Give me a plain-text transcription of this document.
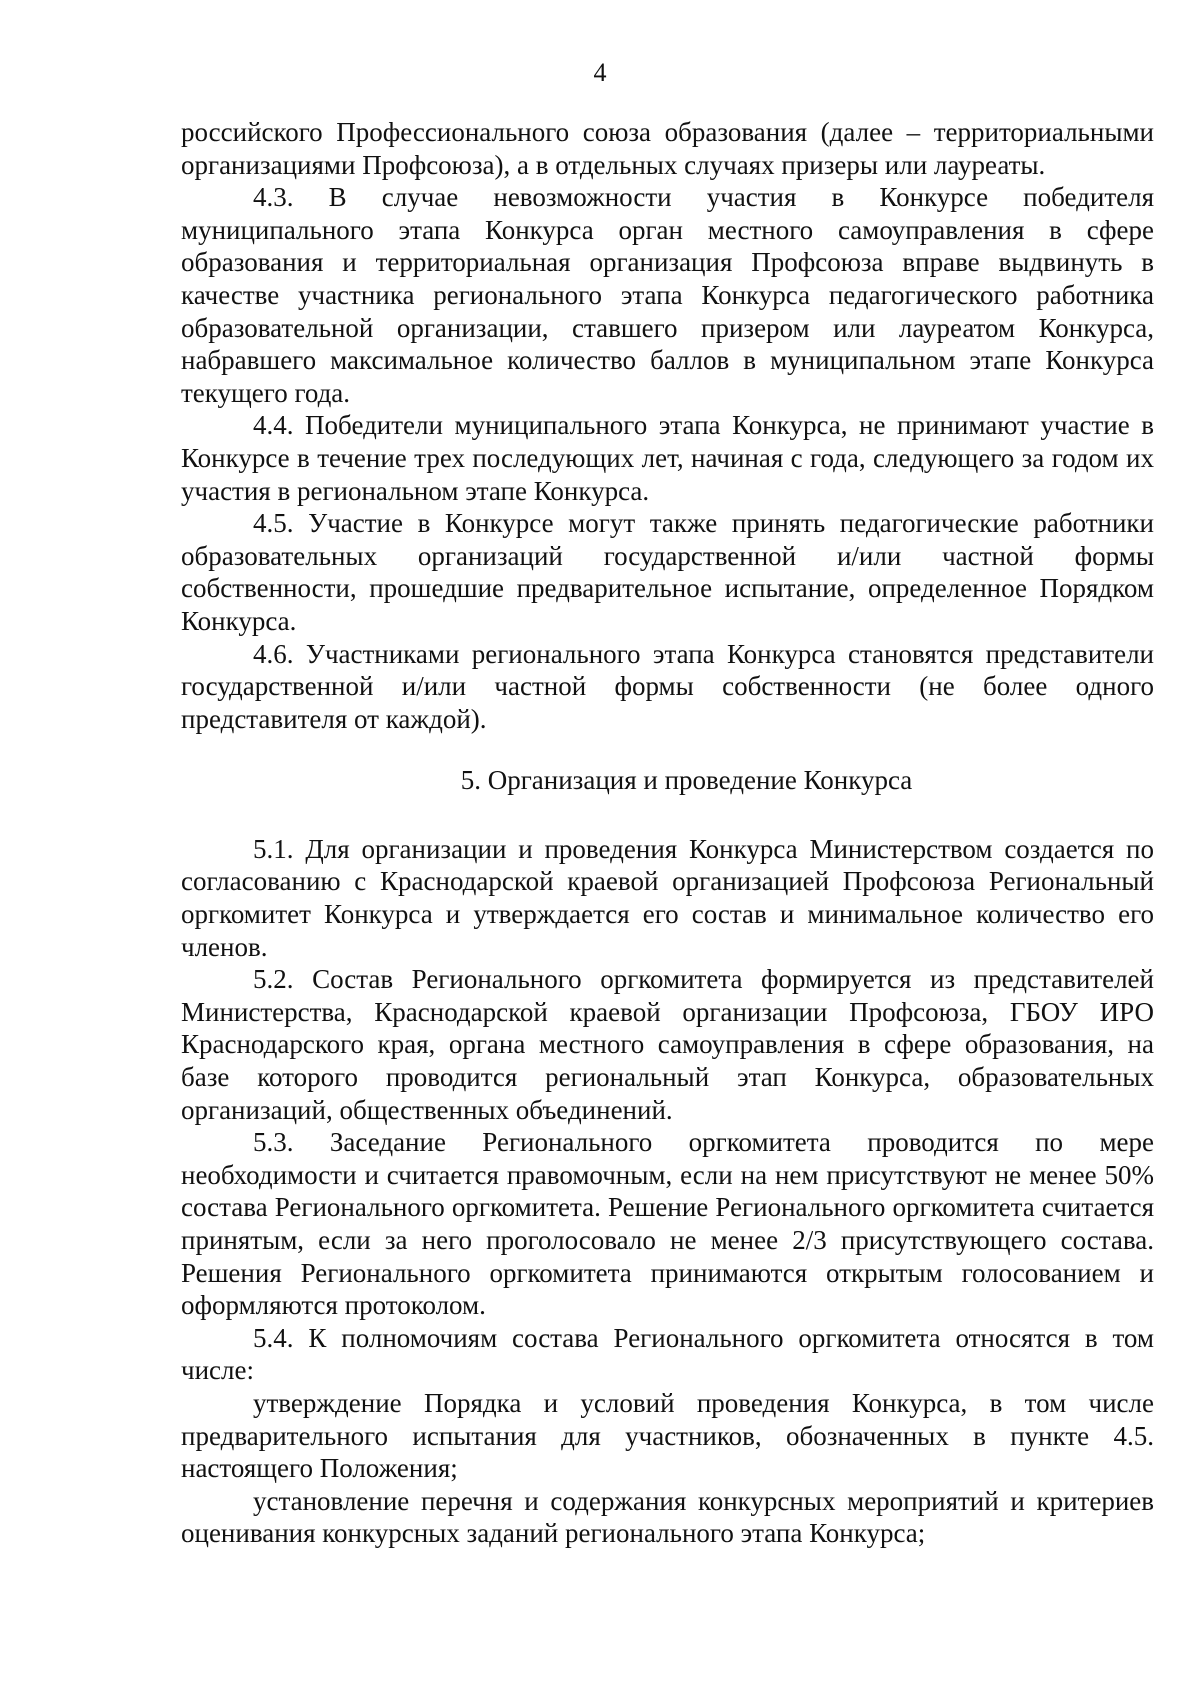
4

российского Профессионального союза образования (далее – территориальными организациями Профсоюза), а в отдельных случаях призеры или лауреаты.

4.3. В случае невозможности участия в Конкурсе победителя муниципального этапа Конкурса орган местного самоуправления в сфере образования и территориальная организация Профсоюза вправе выдвинуть в качестве участника регионального этапа Конкурса педагогического работника образовательной организации, ставшего призером или лауреатом Конкурса, набравшего максимальное количество баллов в муниципальном этапе Конкурса текущего года.

4.4. Победители муниципального этапа Конкурса, не принимают участие в Конкурсе в течение трех последующих лет, начиная с года, следующего за годом их участия в региональном этапе Конкурса.

4.5. Участие в Конкурсе могут также принять педагогические работники образовательных организаций государственной и/или частной формы собственности, прошедшие предварительное испытание, определенное Порядком Конкурса.

4.6. Участниками регионального этапа Конкурса становятся представители государственной и/или частной формы собственности (не более одного представителя от каждой).

5. Организация и проведение Конкурса

5.1. Для организации и проведения Конкурса Министерством создается по согласованию с Краснодарской краевой организацией Профсоюза Региональный оргкомитет Конкурса и утверждается его состав и минимальное количество его членов.

5.2. Состав Регионального оргкомитета формируется из представителей Министерства, Краснодарской краевой организации Профсоюза, ГБОУ ИРО Краснодарского края, органа местного самоуправления в сфере образования, на базе которого проводится региональный этап Конкурса, образовательных организаций, общественных объединений.

5.3. Заседание Регионального оргкомитета проводится по мере необходимости и считается правомочным, если на нем присутствуют не менее 50% состава Регионального оргкомитета. Решение Регионального оргкомитета считается принятым, если за него проголосовало не менее 2/3 присутствующего состава. Решения Регионального оргкомитета принимаются открытым голосованием и оформляются протоколом.

5.4. К полномочиям состава Регионального оргкомитета относятся в том числе:

утверждение Порядка и условий проведения Конкурса, в том числе предварительного испытания для участников, обозначенных в пункте 4.5. настоящего Положения;

установление перечня и содержания конкурсных мероприятий и критериев оценивания конкурсных заданий регионального этапа Конкурса;
